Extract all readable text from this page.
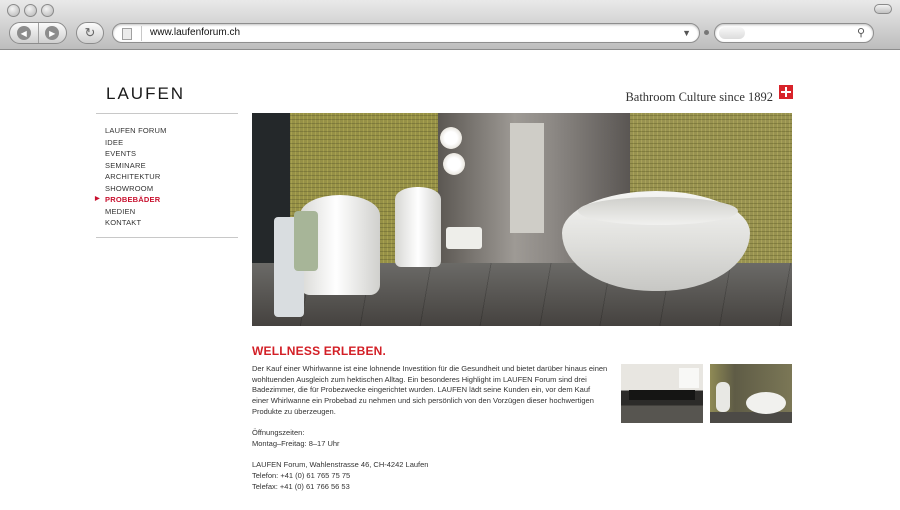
◀	▶	↻	www.laufenforum.ch	▼	⚲
LAUFEN	Bathroom Culture since 1892
LAUFEN FORUM
IDEE
EVENTS
SEMINARE
ARCHITEKTUR
SHOWROOM
▶ PROBEBÄDER
MEDIEN
KONTAKT
WELLNESS ERLEBEN.

Der Kauf einer Whirlwanne ist eine lohnende Investition für die Gesundheit und bietet darüber hinaus einen wohltuenden Ausgleich zum hektischen Alltag. Ein besonderes Highlight im LAUFEN Forum sind drei Badezimmer, die für Probezwecke eingerichtet wurden. LAUFEN lädt seine Kunden ein, vor dem Kauf einer Whirlwanne ein Probebad zu nehmen und sich persönlich von den Vorzügen dieser hochwertigen Produkte zu überzeugen.

Öffnungszeiten:
Montag–Freitag: 8–17 Uhr

LAUFEN Forum, Wahlenstrasse 46, CH-4242 Laufen
Telefon: +41 (0) 61 765 75 75
Telefax: +41 (0) 61 766 56 53
